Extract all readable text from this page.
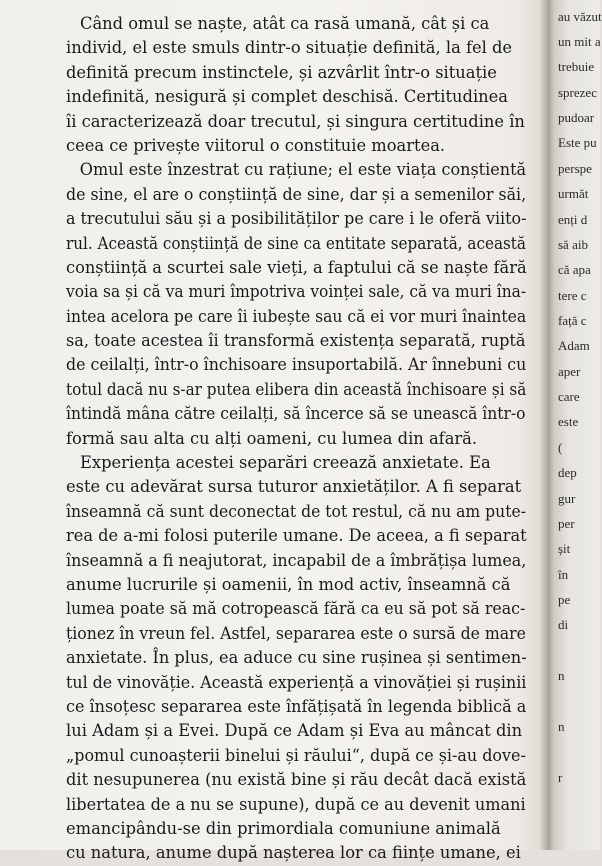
Când omul se naște, atât ca rasă umană, cât și ca
individ, el este smuls dintr-o situație definită, la fel de
definită precum instinctele, și azvârlit într-o situație
indefinită, nesigură și complet deschisă. Certitudinea
îi caracterizează doar trecutul, și singura certitudine în
ceea ce privește viitorul o constituie moartea.
Omul este înzestrat cu rațiune; el este viața conștientă
de sine, el are o conștiință de sine, dar și a semenilor săi,
a trecutului său și a posibilităților pe care i le oferă viito-
rul. Această conștiință de sine ca entitate separată, această
conștiință a scurtei sale vieți, a faptului că se naște fără
voia sa și că va muri împotriva voinței sale, că va muri îna-
intea acelora pe care îi iubește sau că ei vor muri înaintea
sa, toate acestea îi transformă existența separată, ruptă
de ceilalți, într-o închisoare insuportabilă. Ar înnebuni cu
totul dacă nu s-ar putea elibera din această închisoare și să
întindă mâna către ceilalți, să încerce să se unească într-o
formă sau alta cu alți oameni, cu lumea din afară.
Experiența acestei separări creează anxietate. Ea
este cu adevărat sursa tuturor anxietăților. A fi separat
înseamnă că sunt deconectat de tot restul, că nu am pute-
rea de a-mi folosi puterile umane. De aceea, a fi separat
înseamnă a fi neajutorat, incapabil de a îmbrățișa lumea,
anume lucrurile și oamenii, în mod activ, înseamnă că
lumea poate să mă cotropească fără ca eu să pot să reac-
ționez în vreun fel. Astfel, separarea este o sursă de mare
anxietate. În plus, ea aduce cu sine rușinea și sentimen-
tul de vinovăție. Această experiență a vinovăției și rușinii
ce însoțesc separarea este înfățișată în legenda biblică a
lui Adam și a Evei. După ce Adam și Eva au mâncat din
„pomul cunoașterii binelui și răului“, după ce și-au dove-
dit nesupunerea (nu există bine și rău decât dacă există
libertatea de a nu se supune), după ce au devenit umani
emancipându-se din primordiala comuniune animală
cu natura, anume după nașterea lor ca ființe umane, ei
au văzut
un mit a
trebuie
sprezec
pudoar
Este pu
perspe
următ
enți d
să aib
că apa
tere c
față c
Adam
aper
care
este
(
dep
gur
per
șit
în
pe
di
n
n
r
